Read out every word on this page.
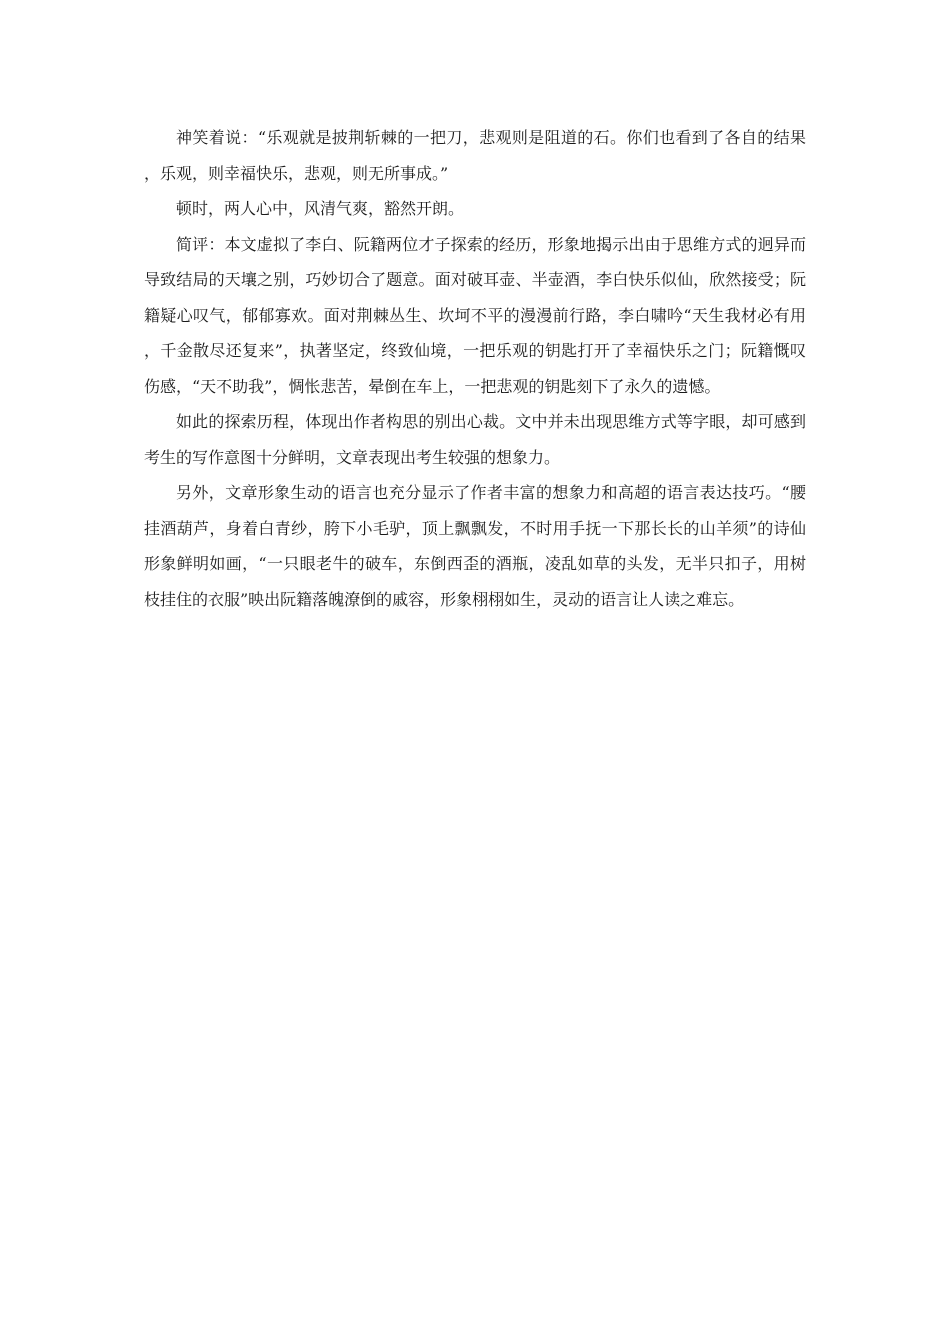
神笑着说：“乐观就是披荆斩棘的一把刀，悲观则是阻道的石。你们也看到了各自的结果，乐观，则幸福快乐，悲观，则无所事成。”

顿时，两人心中，风清气爽，豁然开朗。

简评：本文虚拟了李白、阮籍两位才子探索的经历，形象地揭示出由于思维方式的迥异而导致结局的天壤之别，巧妙切合了题意。面对破耳壶、半壶酒，李白快乐似仙，欣然接受；阮籍疑心叹气，郁郁寡欢。面对荆棘丛生、坎坷不平的漫漫前行路，李白啸吟“天生我材必有用，千金散尽还复来”，执著坚定，终致仙境，一把乐观的钥匙打开了幸福快乐之门；阮籍慨叹伤感，“天不助我”，惆怅悲苦，晕倒在车上，一把悲观的钥匙刻下了永久的遗憾。

如此的探索历程，体现出作者构思的别出心裁。文中并未出现思维方式等字眼，却可感到考生的写作意图十分鲜明，文章表现出考生较强的想象力。

另外，文章形象生动的语言也充分显示了作者丰富的想象力和高超的语言表达技巧。“腰挂酒葫芦，身着白青纱，胯下小毛驴，顶上飘飘发，不时用手抚一下那长长的山羊须”的诗仙形象鲜明如画，“一只眼老牛的破车，东倒西歪的酒瓶，凌乱如草的头发，无半只扣子，用树枝挂住的衣服”映出阮籍落魄潦倒的戚容，形象栩栩如生，灵动的语言让人读之难忘。
